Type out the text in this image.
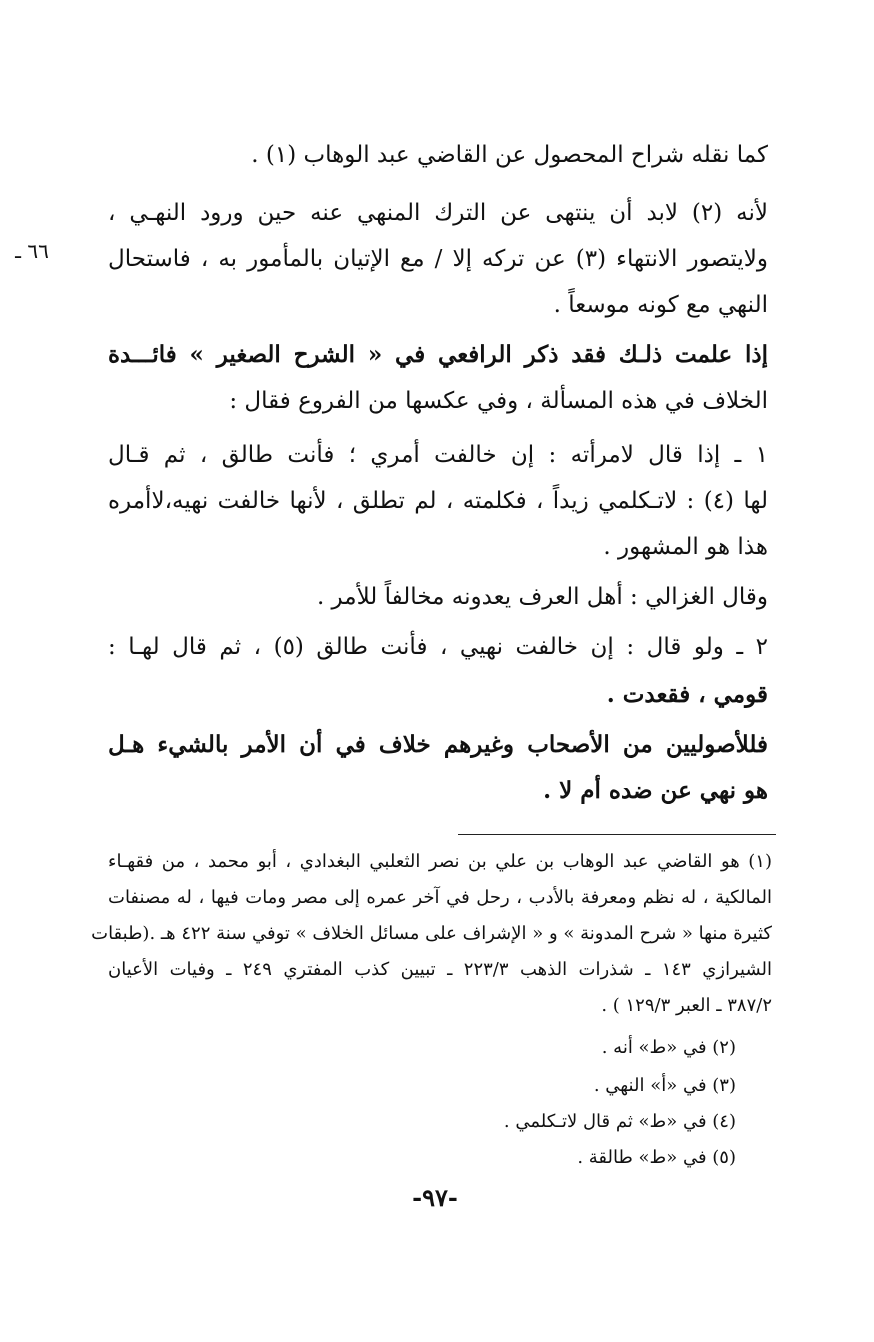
٦٦ ـ
كما نقله شراح المحصول عن القاضي عبد الوهاب (١) .
لأنه (٢) لابد أن ينتهى عن الترك المنهي عنه حين ورود النهـي ،
ولايتصور الانتهاء (٣) عن تركه إلا / مع الإتيان بالمأمور به ، فاستحال
النهي مع كونه موسعاً .
إذا علمت ذلـك فقد ذكر الرافعي في « الشرح الصغير » فائـــدة
الخلاف في هذه المسألة ، وفي عكسها من الفروع فقال :
١ ـ إذا قال لامرأته : إن خالفت أمري ؛ فأنت طالق ، ثم قـال
لها (٤) : لاتـكلمي زيداً ، فكلمته ، لم تطلق ، لأنها خالفت نهيه،لاأمره
هذا هو المشهور .
وقال الغزالي : أهل العرف يعدونه مخالفاً للأمر .
٢ ـ ولو قال : إن خالفت نهيي ، فأنت طالق (٥) ، ثم قال لهـا :
قومي ، فقعدت .
فللأصوليين من الأصحاب وغيرهم خلاف في أن الأمر بالشيء هـل
هو نهي عن ضده أم لا .
(١) هو القاضي عبد الوهاب بن علي بن نصر الثعلبي البغدادي ، أبو محمد ، من فقهـاء
المالكية ، له نظم ومعرفة بالأدب ، رحل في آخر عمره إلى مصر ومات فيها ، له مصنفات
كثيرة منها « شرح المدونة » و « الإشراف على مسائل الخلاف » توفي سنة ٤٢٢ هـ .(طبقات
الشيرازي ١٤٣ ـ شذرات الذهب ٢٢٣/٣ ـ تبيين كذب المفتري ٢٤٩ ـ وفيات الأعيان
٣٨٧/٢ ـ العبر ١٢٩/٣ ) .
(٢) في «ط» أنه .
(٣) في «أ» النهي .
(٤) في «ط» ثم قال لاتـكلمي .
(٥) في «ط» طالقة .
-٩٧-
